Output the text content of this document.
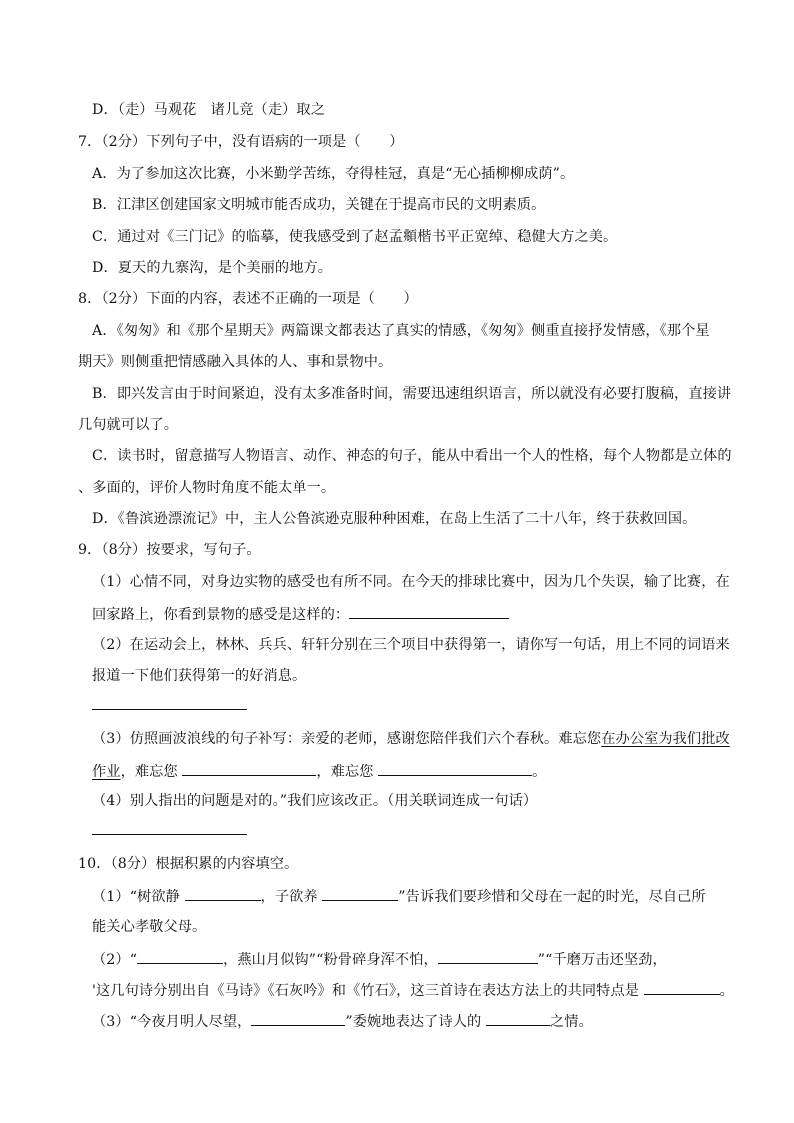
D．（走）马观花　诸儿竞（走）取之
7．（2分）下列句子中，没有语病的一项是（　　）
A．为了参加这次比赛，小米勤学苦练，夺得桂冠，真是“无心插柳柳成荫”。
B．江津区创建国家文明城市能否成功，关键在于提高市民的文明素质。
C．通过对《三门记》的临摹，使我感受到了赵孟頫楷书平正宽绰、稳健大方之美。
D．夏天的九寨沟，是个美丽的地方。
8．（2分）下面的内容，表述不正确的一项是（　　）
A．《匆匆》和《那个星期天》两篇课文都表达了真实的情感，《匆匆》侧重直接抒发情感，《那个星
期天》则侧重把情感融入具体的人、事和景物中。
B．即兴发言由于时间紧迫，没有太多准备时间，需要迅速组织语言，所以就没有必要打腹稿，直接讲
几句就可以了。
C．读书时，留意描写人物语言、动作、神态的句子，能从中看出一个人的性格，每个人物都是立体的
、多面的，评价人物时角度不能太单一。
D．《鲁滨逊漂流记》中，主人公鲁滨逊克服种种困难，在岛上生活了二十八年，终于获救回国。
9．（8分）按要求，写句子。
（1）心情不同，对身边实物的感受也有所不同。在今天的排球比赛中，因为几个失误，输了比赛，在
回家路上，你看到景物的感受是这样的：
（2）在运动会上，林林、兵兵、轩轩分别在三个项目中获得第一，请你写一句话，用上不同的词语来
报道一下他们获得第一的好消息。
（3）仿照画波浪线的句子补写：亲爱的老师，感谢您陪伴我们六个春秋。难忘您在办公室为我们批改
作业，难忘您	，难忘您	。
（4）别人指出的问题是对的。”我们应该改正。（用关联词连成一句话）
10．（8分）根据积累的内容填空。
（1）“树欲静	，子欲养	”告诉我们要珍惜和父母在一起的时光，尽自己所
能关心孝敬父母。
（2）“	，燕山月似钩”“粉骨碎身浑不怕，	”“千磨万击还坚劲，
'这几句诗分别出自《马诗》《石灰吟》和《竹石》，这三首诗在表达方法上的共同特点是	。
（3）“今夜月明人尽望，	”委婉地表达了诗人的	之情。
